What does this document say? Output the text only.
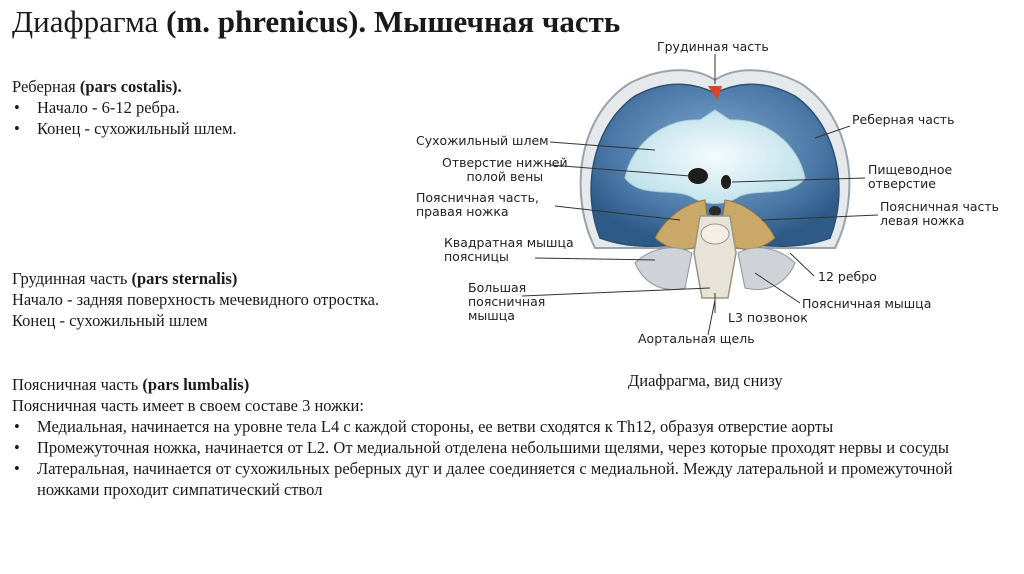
Диафрагма (m. phrenicus). Мышечная часть

Реберная (pars costalis).

• Начало - 6-12 ребра.

• Конец - сухожильный шлем.

Грудинная часть (pars sternalis)

Начало - задняя поверхность мечевидного отростка.

Конец - сухожильный шлем

Поясничная часть (pars lumbalis)

Поясничная часть имеет в своем составе 3 ножки:

• Медиальная, начинается на уровне тела L4 с каждой стороны, ее ветви сходятся к Th12, образуя отверстие аорты

• Промежуточная ножка, начинается от L2. От медиальной отделена небольшими щелями, через которые проходят нервы и сосуды

• Латеральная, начинается от сухожильных реберных дуг и далее соединяется с медиальной. Между латеральной и промежуточной ножками проходит симпатический ствол

Грудинная часть
Реберная часть
Сухожильный шлем
Отверстие нижней
полой вены	Пищеводное
отверстие
Поясничная часть,
правая ножка	Поясничная часть
левая ножка
Квадратная мышца
поясницы
12 ребро
Большая
поясничная
мышца
Поясничная мышца
L3 позвонок
Аортальная щель
Диафрагма, вид снизу
